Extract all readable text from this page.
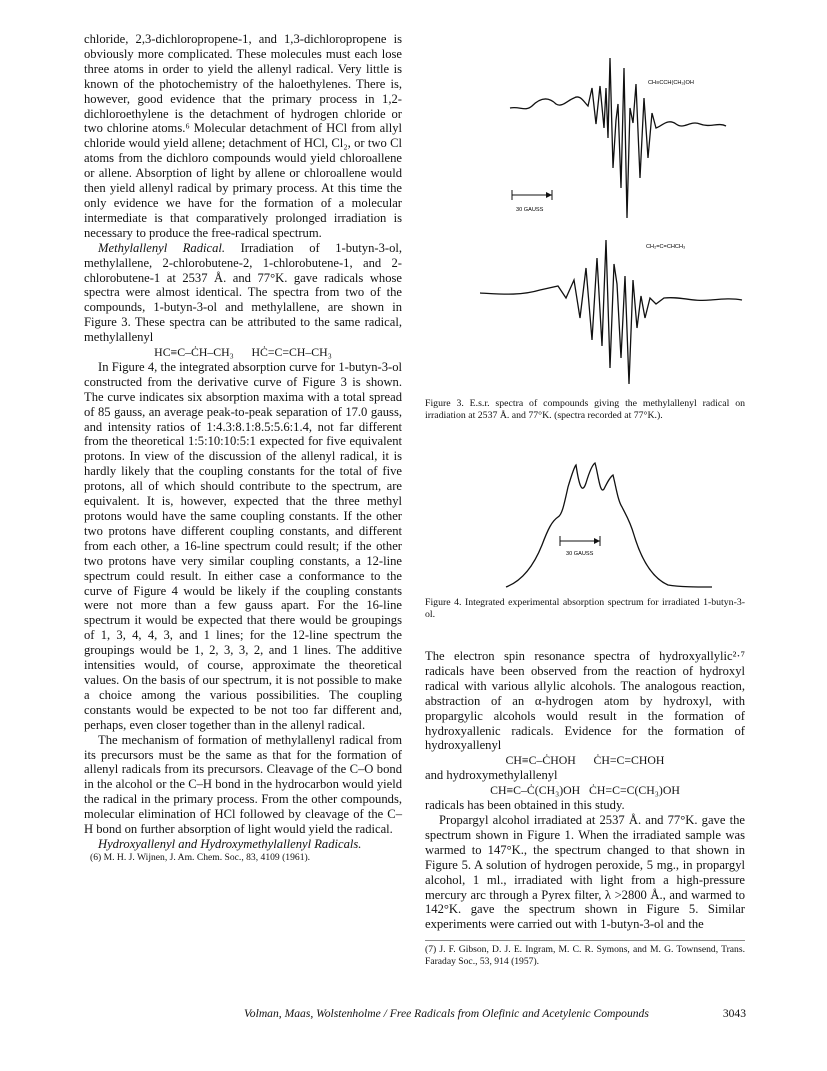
chloride, 2,3-dichloropropene-1, and 1,3-dichloropropene is obviously more complicated. These molecules must each lose three atoms in order to yield the allenyl radical. Very little is known of the photochemistry of the haloethylenes. There is, however, good evidence that the primary process in 1,2-dichloroethylene is the detachment of hydrogen chloride or two chlorine atoms.⁶ Molecular detachment of HCl from allyl chloride would yield allene; detachment of HCl, Cl₂, or two Cl atoms from the dichloro compounds would yield chloroallene or allene. Absorption of light by allene or chloroallene would then yield allenyl radical by primary process. At this time the only evidence we have for the formation of a molecular intermediate is that comparatively prolonged irradiation is necessary to produce the free-radical spectrum.

Methylallenyl Radical. Irradiation of 1-butyn-3-ol, methylallene, 2-chlorobutene-2, 1-chlorobutene-1, and 2-chlorobutene-1 at 2537 Å. and 77°K. gave radicals whose spectra were almost identical. The spectra from two of the compounds, 1-butyn-3-ol and methylallene, are shown in Figure 3. These spectra can be attributed to the same radical, methylallenyl

HC≡C–ĊH–CH₃      HĊ=C=CH–CH₃

In Figure 4, the integrated absorption curve for 1-butyn-3-ol constructed from the derivative curve of Figure 3 is shown. The curve indicates six absorption maxima with a total spread of 85 gauss, an average peak-to-peak separation of 17.0 gauss, and intensity ratios of 1:4.3:8.1:8.5:5.6:1.4, not far different from the theoretical 1:5:10:10:5:1 expected for five equivalent protons. In view of the discussion of the allenyl radical, it is hardly likely that the coupling constants for the total of five protons, all of which should contribute to the spectrum, are equivalent. It is, however, expected that the three methyl protons would have the same coupling constants. If the other two protons have different coupling constants, and different from each other, a 16-line spectrum could result; if the other two protons have very similar coupling constants, a 12-line spectrum could result. In either case a conformance to the curve of Figure 4 would be likely if the coupling constants were not more than a few gauss apart. For the 16-line spectrum it would be expected that there would be groupings of 1, 3, 4, 4, 3, and 1 lines; for the 12-line spectrum the groupings would be 1, 2, 3, 3, 2, and 1 lines. The additive intensities would, of course, approximate the theoretical values. On the basis of our spectrum, it is not possible to make a choice among the various possibilities. The coupling constants would be expected to be not too far different and, perhaps, even closer together than in the allenyl radical.

The mechanism of formation of methylallenyl radical from its precursors must be the same as that for the formation of allenyl radicals from its precursors. Cleavage of the C–O bond in the alcohol or the C–H bond in the hydrocarbon would yield the radical in the primary process. From the other compounds, molecular elimination of HCl followed by cleavage of the C–H bond on further absorption of light would yield the radical.

Hydroxyallenyl and Hydroxymethylallenyl Radicals.

(6) M. H. J. Wijnen, J. Am. Chem. Soc., 83, 4109 (1961).

30 GAUSS
CH≡CCH(CH₃)OH
CH₂=C=CHCH₃
Figure 3. E.s.r. spectra of compounds giving the methylallenyl radical on irradiation at 2537 Å. and 77°K. (spectra recorded at 77°K.).
30 GAUSS
Figure 4. Integrated experimental absorption spectrum for irradiated 1-butyn-3-ol.

The electron spin resonance spectra of hydroxyallylic²·⁷ radicals have been observed from the reaction of hydroxyl radical with various allylic alcohols. The analogous reaction, abstraction of an α-hydrogen atom by hydroxyl, with propargylic alcohols would result in the formation of hydroxyallenic radicals. Evidence for the formation of hydroxyallenyl

CH≡C–ĊHOH      ĊH=C=CHOH

and hydroxymethylallenyl

CH≡C–Ċ(CH₃)OH   ĊH=C=C(CH₃)OH

radicals has been obtained in this study.

Propargyl alcohol irradiated at 2537 Å. and 77°K. gave the spectrum shown in Figure 1. When the irradiated sample was warmed to 147°K., the spectrum changed to that shown in Figure 5. A solution of hydrogen peroxide, 5 mg., in propargyl alcohol, 1 ml., irradiated with light from a high-pressure mercury arc through a Pyrex filter, λ >2800 Å., and warmed to 142°K. gave the spectrum shown in Figure 5. Similar experiments were carried out with 1-butyn-3-ol and the

(7) J. F. Gibson, D. J. E. Ingram, M. C. R. Symons, and M. G. Townsend, Trans. Faraday Soc., 53, 914 (1957).

Volman, Maas, Wolstenholme / Free Radicals from Olefinic and Acetylenic Compounds	3043
